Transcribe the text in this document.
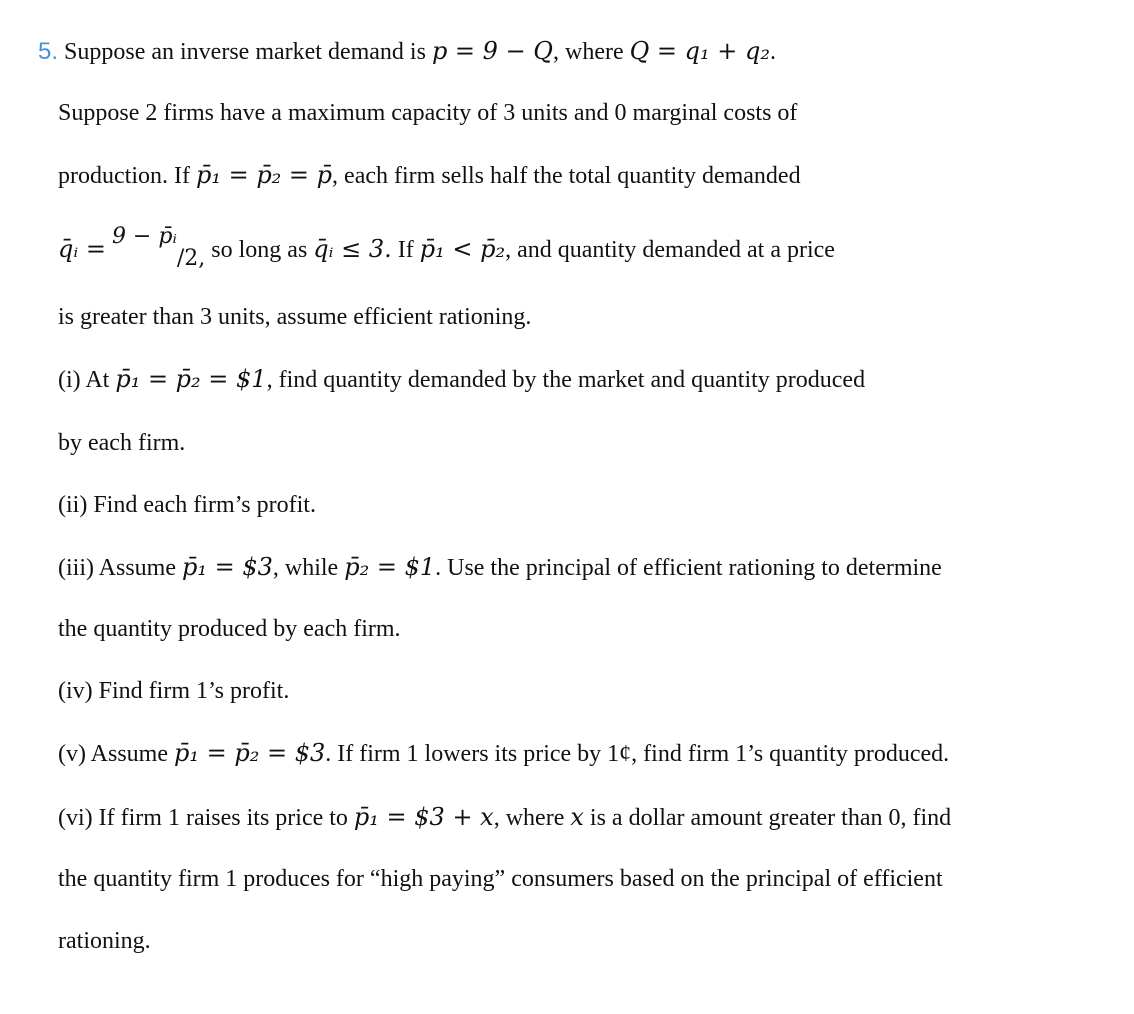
5. Suppose an inverse market demand is p = 9 − Q, where Q = q₁ + q₂.
Suppose 2 firms have a maximum capacity of 3 units and 0 marginal costs of
production. If p̄₁ = p̄₂ = p̄, each firm sells half the total quantity demanded
q̄ᵢ = 9 − p̄ᵢ/2, so long as q̄ᵢ ≤ 3. If p̄₁ < p̄₂, and quantity demanded at a price
is greater than 3 units, assume efficient rationing.
(i) At p̄₁ = p̄₂ = $1, find quantity demanded by the market and quantity produced
by each firm.
(ii) Find each firm’s profit.
(iii) Assume p̄₁ = $3, while p̄₂ = $1. Use the principal of efficient rationing to determine
the quantity produced by each firm.
(iv) Find firm 1’s profit.
(v) Assume p̄₁ = p̄₂ = $3. If firm 1 lowers its price by 1¢, find firm 1’s quantity produced.
(vi) If firm 1 raises its price to p̄₁ = $3 + x, where x is a dollar amount greater than 0, find
the quantity firm 1 produces for “high paying” consumers based on the principal of efficient
rationing.
